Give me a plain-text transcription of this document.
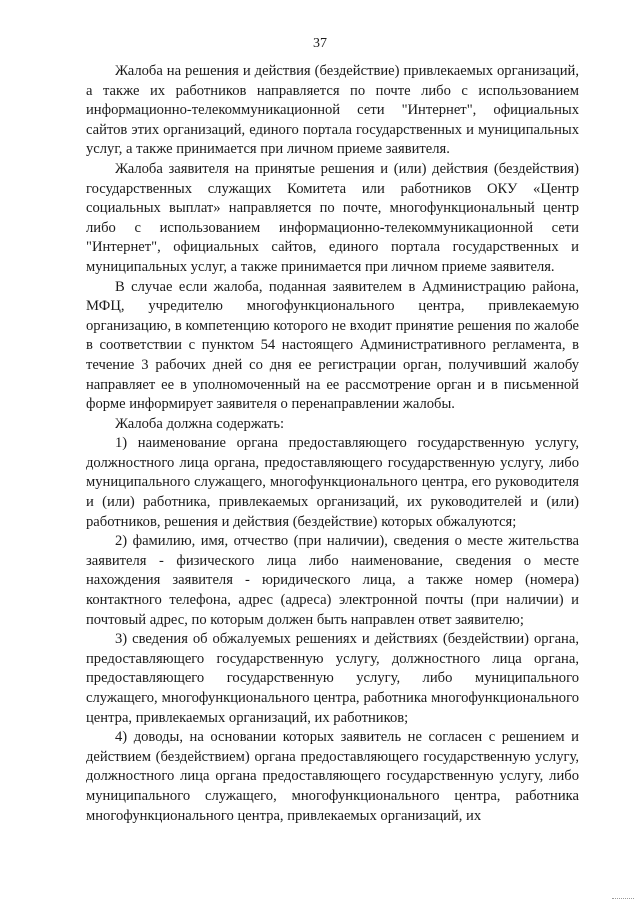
37

Жалоба на решения и действия (бездействие) привлекаемых организаций, а также их работников направляется по почте либо с использованием информационно-телекоммуникационной сети "Интернет", официальных сайтов этих организаций, единого портала государственных и муниципальных услуг, а также принимается при личном приеме заявителя.

Жалоба заявителя на принятые решения и (или) действия (бездействия) государственных служащих Комитета или работников ОКУ «Центр социальных выплат» направляется по почте, многофункциональный центр либо с использованием информационно-телекоммуникационной сети "Интернет", официальных сайтов, единого портала государственных и муниципальных услуг, а также принимается при личном приеме заявителя.

В случае если жалоба, поданная заявителем в Администрацию района, МФЦ, учредителю многофункционального центра, привлекаемую организацию, в компетенцию которого не входит принятие решения по жалобе в соответствии с пунктом 54 настоящего Административного регламента, в течение 3 рабочих дней со дня ее регистрации орган, получивший жалобу направляет ее в уполномоченный на ее рассмотрение орган и в письменной форме информирует заявителя о перенаправлении жалобы.

Жалоба должна содержать:

1) наименование органа предоставляющего государственную услугу, должностного лица органа, предоставляющего государственную услугу, либо муниципального служащего, многофункционального центра, его руководителя и (или) работника, привлекаемых организаций, их руководителей и (или) работников, решения и действия (бездействие) которых обжалуются;

2) фамилию, имя, отчество (при наличии), сведения о месте жительства заявителя - физического лица либо наименование, сведения о месте нахождения заявителя - юридического лица, а также номер (номера) контактного телефона, адрес (адреса) электронной почты (при наличии) и почтовый адрес, по которым должен быть направлен ответ заявителю;

3) сведения об обжалуемых решениях и действиях (бездействии) органа, предоставляющего государственную услугу, должностного лица органа, предоставляющего государственную услугу, либо муниципального служащего, многофункционального центра, работника многофункционального центра, привлекаемых организаций, их работников;

4) доводы, на основании которых заявитель не согласен с решением и действием (бездействием) органа предоставляющего государственную услугу, должностного лица органа предоставляющего государственную услугу, либо муниципального служащего, многофункционального центра, работника многофункционального центра, привлекаемых организаций, их
